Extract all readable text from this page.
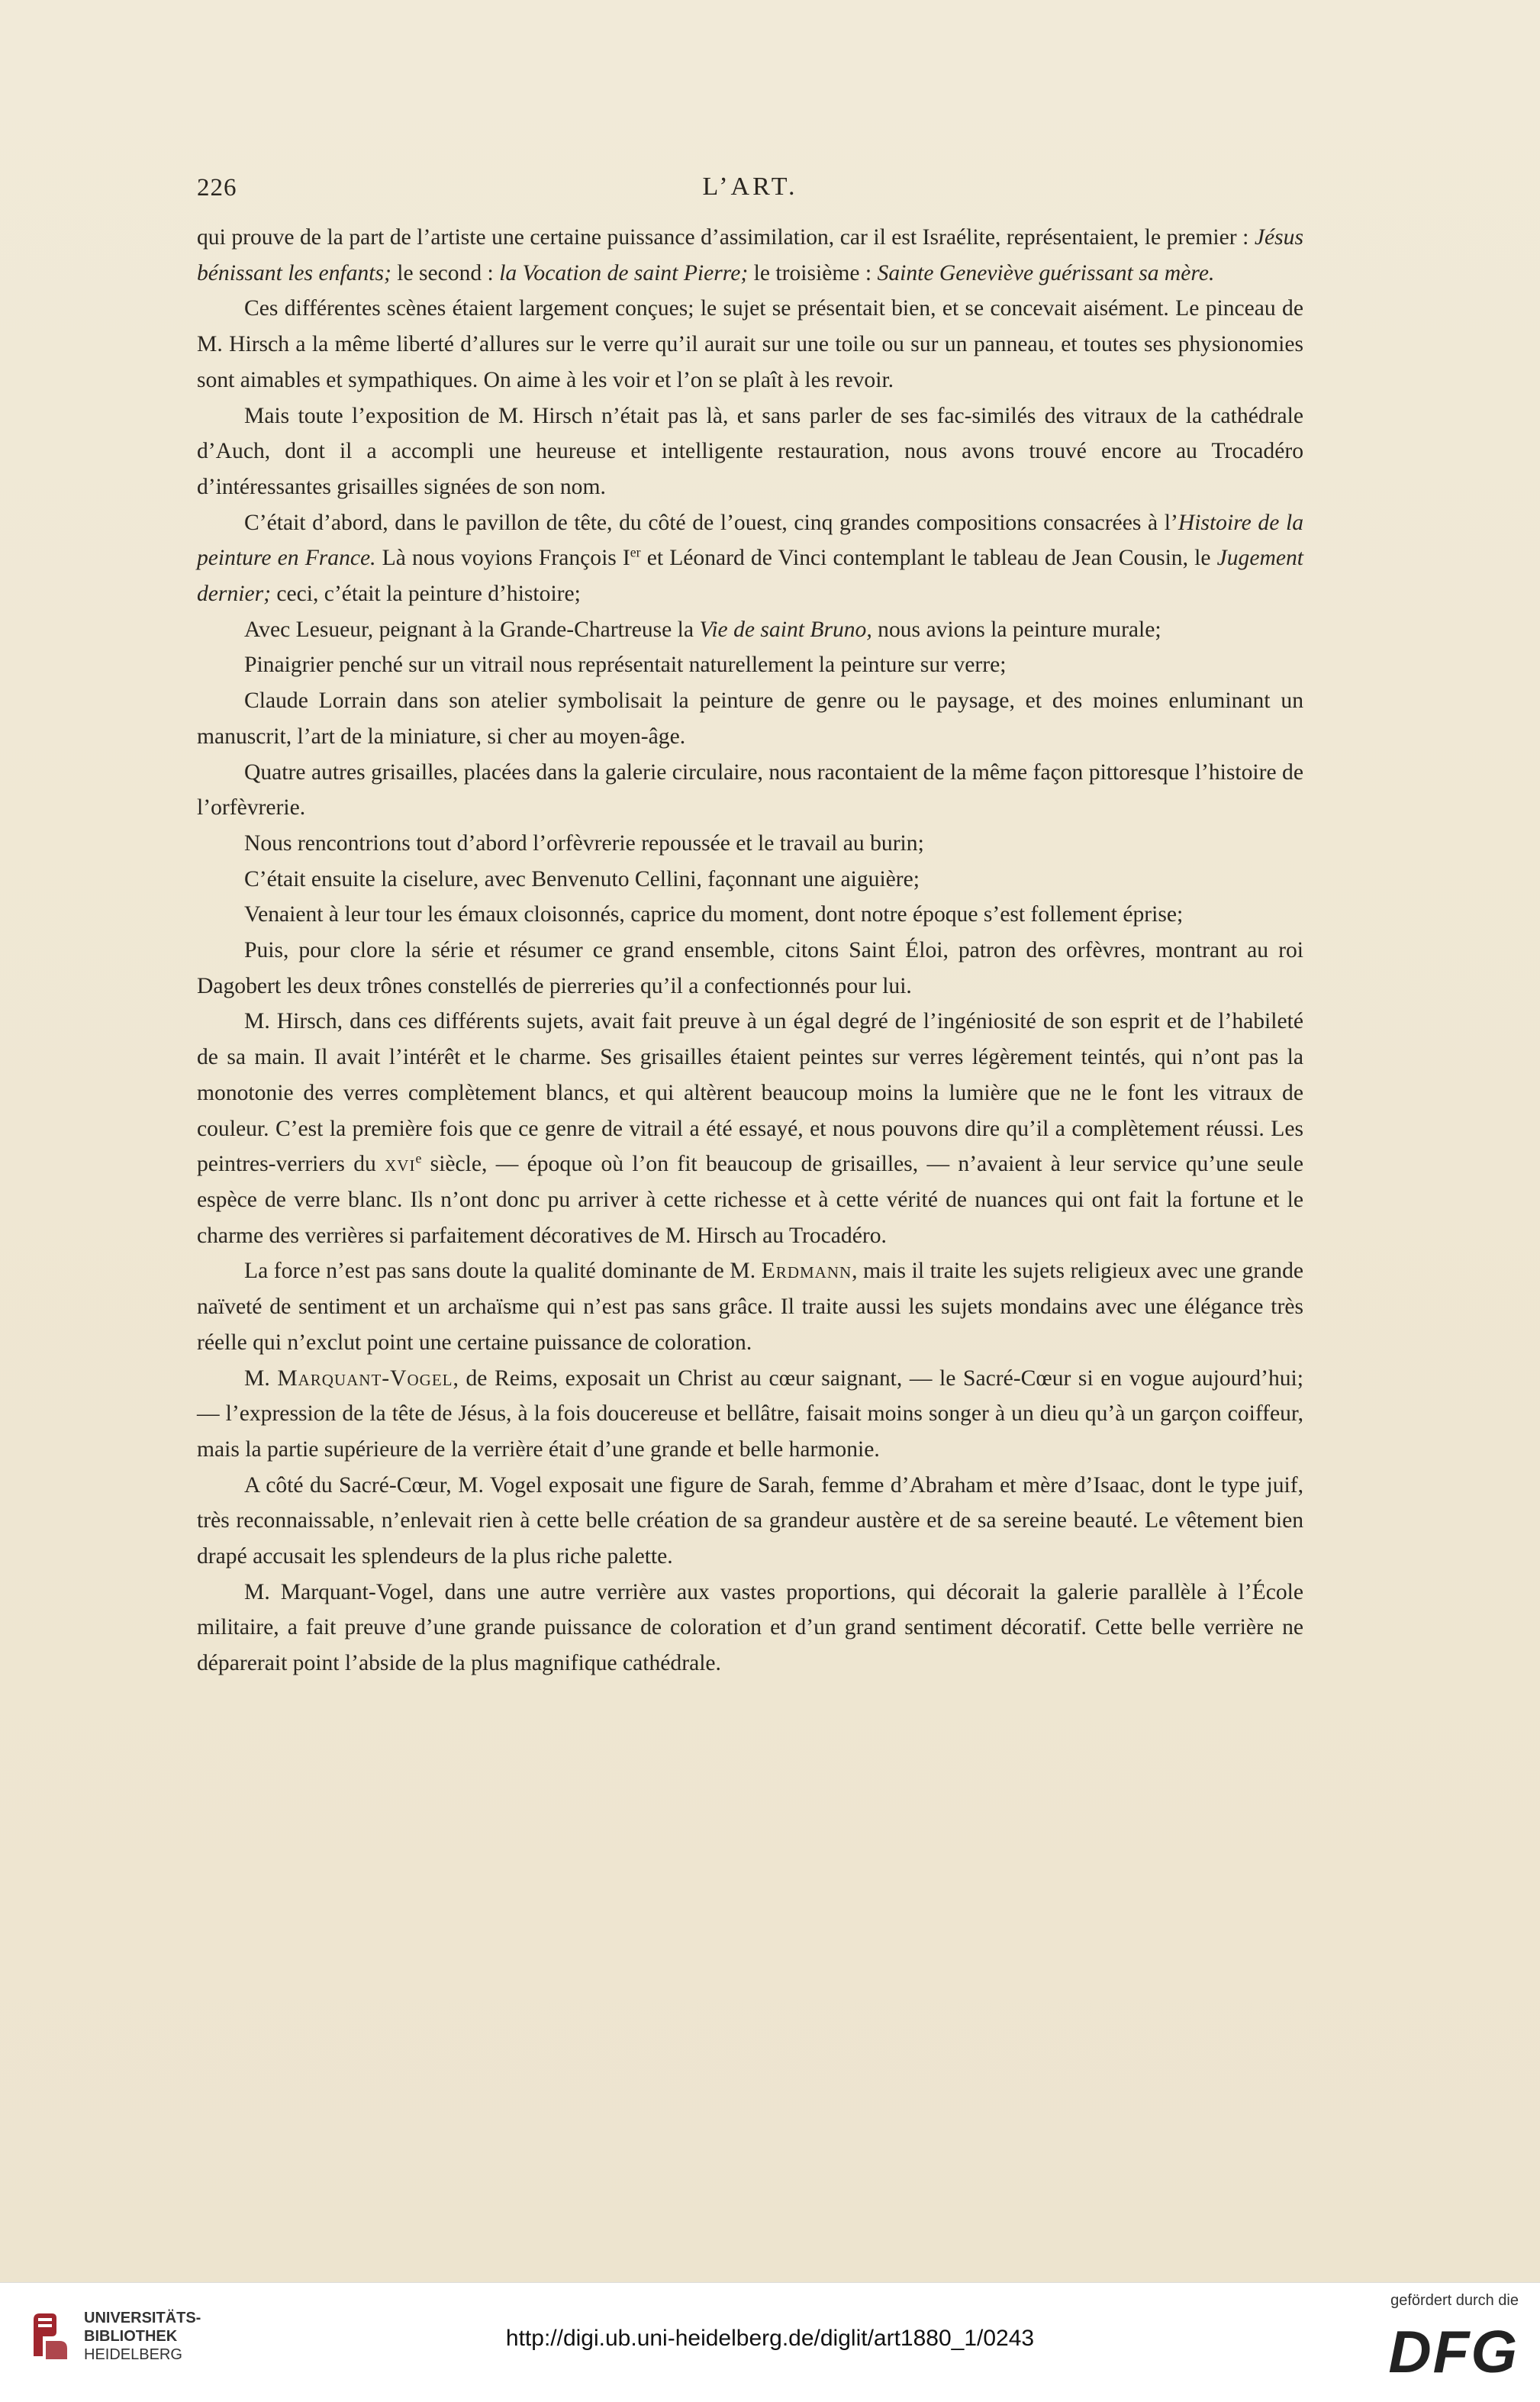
226	L’ART.

qui prouve de la part de l’artiste une certaine puissance d’assimilation, car il est Israélite, représentaient, le premier : Jésus bénissant les enfants; le second : la Vocation de saint Pierre; le troisième : Sainte Geneviève guérissant sa mère.

Ces différentes scènes étaient largement conçues; le sujet se présentait bien, et se concevait aisément. Le pinceau de M. Hirsch a la même liberté d’allures sur le verre qu’il aurait sur une toile ou sur un panneau, et toutes ses physionomies sont aimables et sympathiques. On aime à les voir et l’on se plaît à les revoir.

Mais toute l’exposition de M. Hirsch n’était pas là, et sans parler de ses fac-similés des vitraux de la cathédrale d’Auch, dont il a accompli une heureuse et intelligente restauration, nous avons trouvé encore au Trocadéro d’intéressantes grisailles signées de son nom.

C’était d’abord, dans le pavillon de tête, du côté de l’ouest, cinq grandes compositions consacrées à l’Histoire de la peinture en France. Là nous voyions François Ier et Léonard de Vinci contemplant le tableau de Jean Cousin, le Jugement dernier; ceci, c’était la peinture d’histoire;

Avec Lesueur, peignant à la Grande-Chartreuse la Vie de saint Bruno, nous avions la peinture murale;

Pinaigrier penché sur un vitrail nous représentait naturellement la peinture sur verre;

Claude Lorrain dans son atelier symbolisait la peinture de genre ou le paysage, et des moines enluminant un manuscrit, l’art de la miniature, si cher au moyen-âge.

Quatre autres grisailles, placées dans la galerie circulaire, nous racontaient de la même façon pittoresque l’histoire de l’orfèvrerie.

Nous rencontrions tout d’abord l’orfèvrerie repoussée et le travail au burin;

C’était ensuite la ciselure, avec Benvenuto Cellini, façonnant une aiguière;

Venaient à leur tour les émaux cloisonnés, caprice du moment, dont notre époque s’est follement éprise;

Puis, pour clore la série et résumer ce grand ensemble, citons Saint Éloi, patron des orfèvres, montrant au roi Dagobert les deux trônes constellés de pierreries qu’il a confectionnés pour lui.

M. Hirsch, dans ces différents sujets, avait fait preuve à un égal degré de l’ingéniosité de son esprit et de l’habileté de sa main. Il avait l’intérêt et le charme. Ses grisailles étaient peintes sur verres légèrement teintés, qui n’ont pas la monotonie des verres complètement blancs, et qui altèrent beaucoup moins la lumière que ne le font les vitraux de couleur. C’est la première fois que ce genre de vitrail a été essayé, et nous pouvons dire qu’il a complètement réussi. Les peintres-verriers du xvi$^e$ siècle, — époque où l’on fit beaucoup de grisailles, — n’avaient à leur service qu’une seule espèce de verre blanc. Ils n’ont donc pu arriver à cette richesse et à cette vérité de nuances qui ont fait la fortune et le charme des verrières si parfaitement décoratives de M. Hirsch au Trocadéro.

La force n’est pas sans doute la qualité dominante de M. Erdmann, mais il traite les sujets religieux avec une grande naïveté de sentiment et un archaïsme qui n’est pas sans grâce. Il traite aussi les sujets mondains avec une élégance très réelle qui n’exclut point une certaine puissance de coloration.

M. Marquant-Vogel, de Reims, exposait un Christ au cœur saignant, — le Sacré-Cœur si en vogue aujourd’hui; — l’expression de la tête de Jésus, à la fois doucereuse et bellâtre, faisait moins songer à un dieu qu’à un garçon coiffeur, mais la partie supérieure de la verrière était d’une grande et belle harmonie.

A côté du Sacré-Cœur, M. Vogel exposait une figure de Sarah, femme d’Abraham et mère d’Isaac, dont le type juif, très reconnaissable, n’enlevait rien à cette belle création de sa grandeur austère et de sa sereine beauté. Le vêtement bien drapé accusait les splendeurs de la plus riche palette.

M. Marquant-Vogel, dans une autre verrière aux vastes proportions, qui décorait la galerie parallèle à l’École militaire, a fait preuve d’une grande puissance de coloration et d’un grand sentiment décoratif. Cette belle verrière ne déparerait point l’abside de la plus magnifique cathédrale.

UNIVERSITÄTS-
BIBLIOTHEK
HEIDELBERG
http://digi.ub.uni-heidelberg.de/diglit/art1880_1/0243
gefördert durch die
DFG
